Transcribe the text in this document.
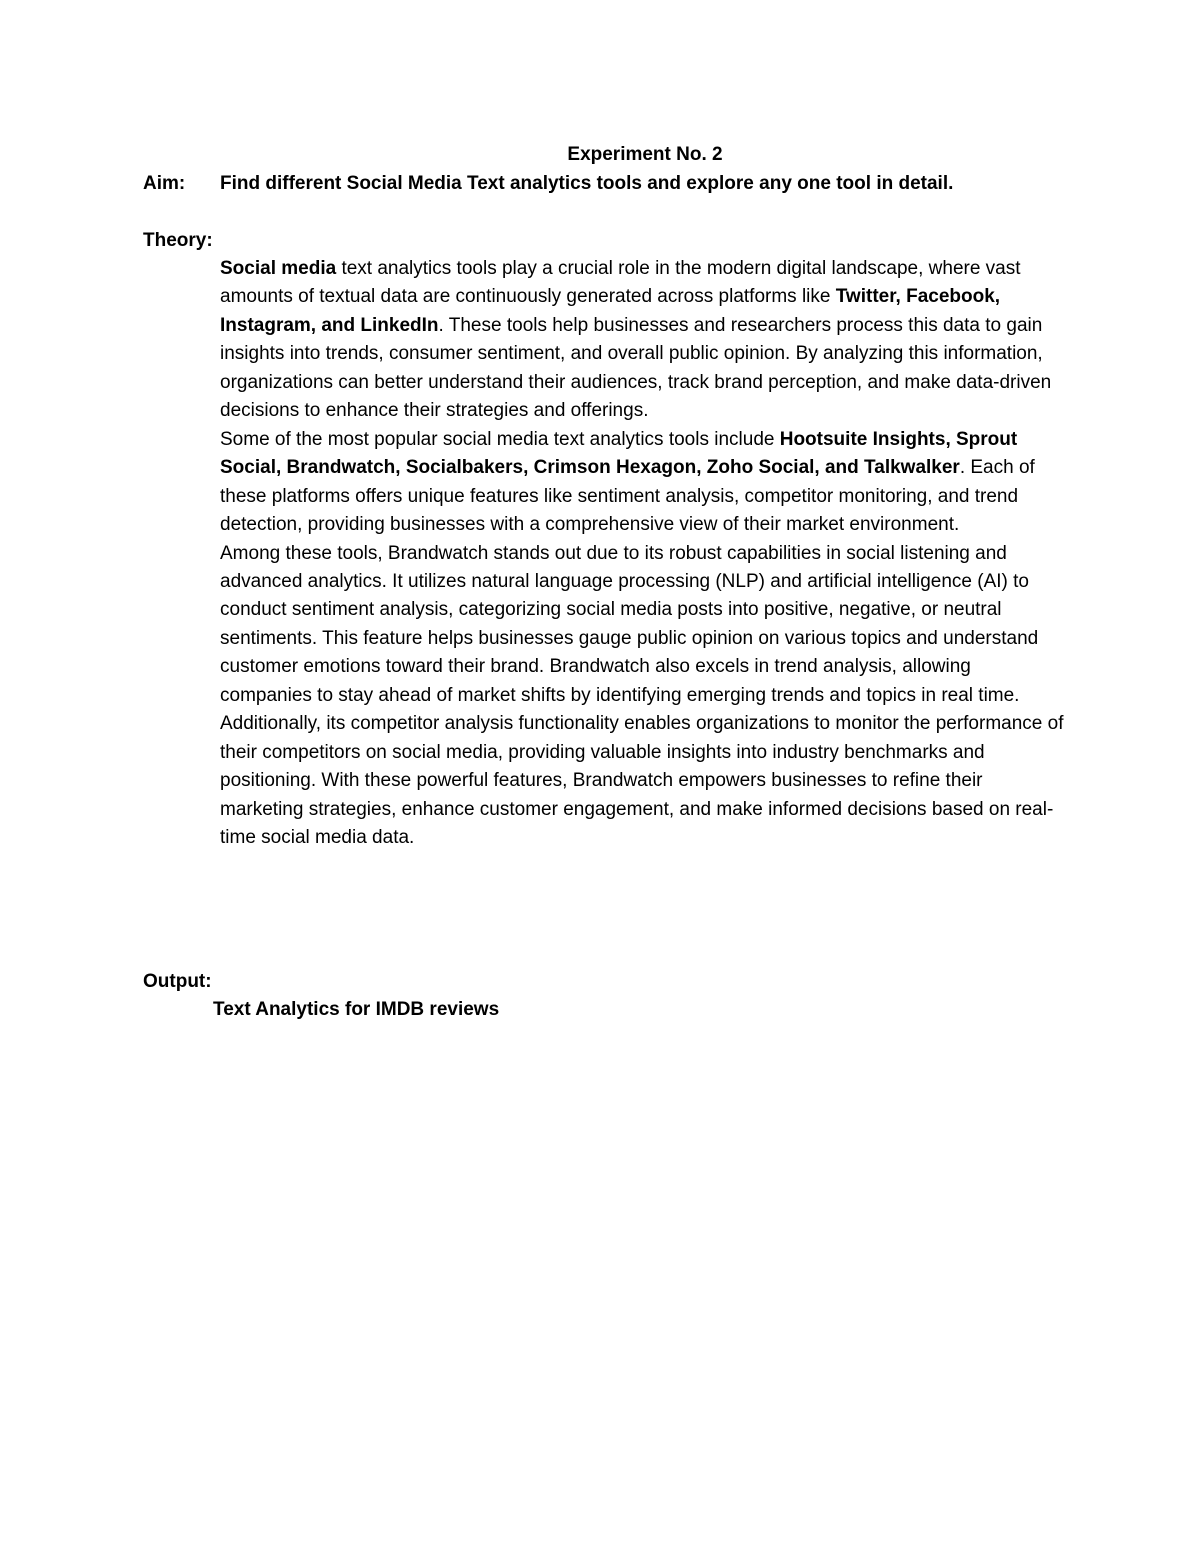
Experiment No. 2
Aim: Find different Social Media Text analytics tools and explore any one tool in detail.
Theory:

Social media text analytics tools play a crucial role in the modern digital landscape, where vast amounts of textual data are continuously generated across platforms like Twitter, Facebook, Instagram, and LinkedIn. These tools help businesses and researchers process this data to gain insights into trends, consumer sentiment, and overall public opinion. By analyzing this information, organizations can better understand their audiences, track brand perception, and make data-driven decisions to enhance their strategies and offerings.

Some of the most popular social media text analytics tools include Hootsuite Insights, Sprout Social, Brandwatch, Socialbakers, Crimson Hexagon, Zoho Social, and Talkwalker. Each of these platforms offers unique features like sentiment analysis, competitor monitoring, and trend detection, providing businesses with a comprehensive view of their market environment.

Among these tools, Brandwatch stands out due to its robust capabilities in social listening and advanced analytics. It utilizes natural language processing (NLP) and artificial intelligence (AI) to conduct sentiment analysis, categorizing social media posts into positive, negative, or neutral sentiments. This feature helps businesses gauge public opinion on various topics and understand customer emotions toward their brand. Brandwatch also excels in trend analysis, allowing companies to stay ahead of market shifts by identifying emerging trends and topics in real time. Additionally, its competitor analysis functionality enables organizations to monitor the performance of their competitors on social media, providing valuable insights into industry benchmarks and positioning. With these powerful features, Brandwatch empowers businesses to refine their marketing strategies, enhance customer engagement, and make informed decisions based on real-time social media data.

Output:
Text Analytics for IMDB reviews
